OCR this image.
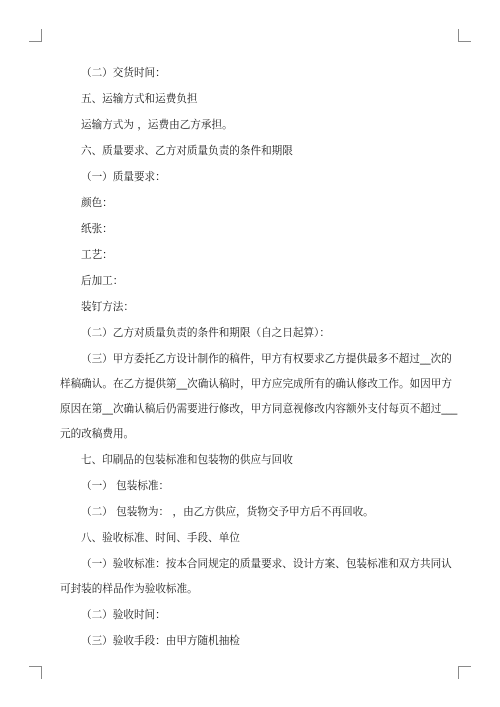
（二）交货时间：

五、运输方式和运费负担

运输方式为 ，运费由乙方承担。

六、质量要求、乙方对质量负责的条件和期限

（一）质量要求：

颜色：

纸张：

工艺：

后加工：

装钉方法：

（二）乙方对质量负责的条件和期限（自之日起算）：

（三）甲方委托乙方设计制作的稿件，甲方有权要求乙方提供最多不超过__次的

样稿确认。在乙方提供第__次确认稿时，甲方应完成所有的确认修改工作。如因甲方

原因在第__次确认稿后仍需要进行修改，甲方同意视修改内容额外支付每页不超过___

元的改稿费用。

七、印刷品的包装标准和包装物的供应与回收

（一） 包装标准：

（二） 包装物为： ，由乙方供应，货物交予甲方后不再回收。

八、验收标准、时间、手段、单位

（一）验收标准：按本合同规定的质量要求、设计方案、包装标准和双方共同认

可封装的样品作为验收标准。

（二）验收时间：

（三）验收手段：由甲方随机抽检
